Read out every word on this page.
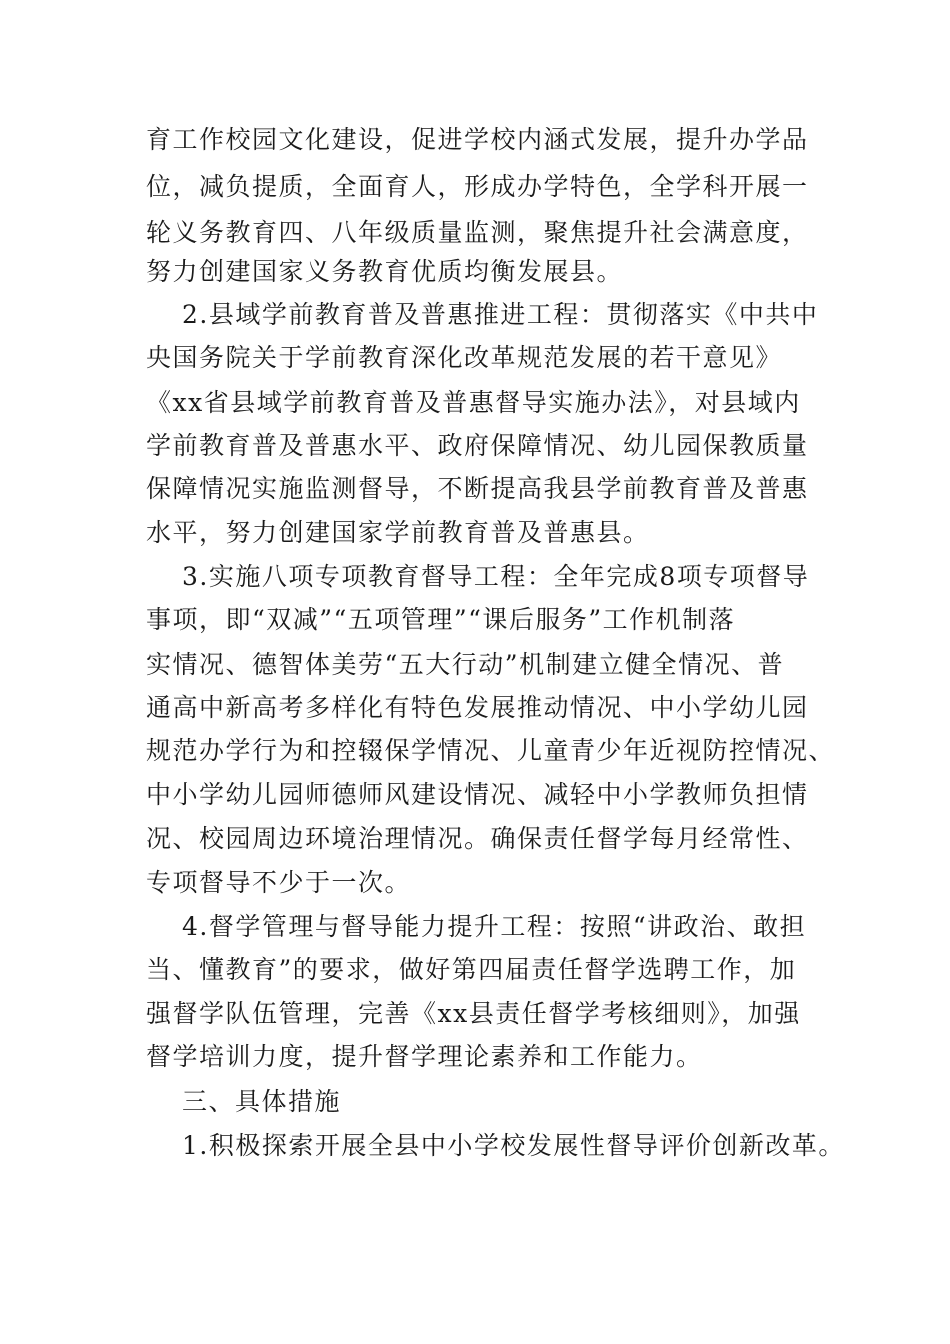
育工作校园文化建设，促进学校内涵式发展，提升办学品
位，减负提质，全面育人，形成办学特色，全学科开展一
轮义务教育四、八年级质量监测，聚焦提升社会满意度，
努力创建国家义务教育优质均衡发展县。
2.县域学前教育普及普惠推进工程：贯彻落实《中共中
央国务院关于学前教育深化改革规范发展的若干意见》
《xx省县域学前教育普及普惠督导实施办法》，对县域内
学前教育普及普惠水平、政府保障情况、幼儿园保教质量
保障情况实施监测督导，不断提高我县学前教育普及普惠
水平，努力创建国家学前教育普及普惠县。
3.实施八项专项教育督导工程：全年完成8项专项督导
事项，即“双减”“五项管理”“课后服务”工作机制落
实情况、德智体美劳“五大行动”机制建立健全情况、普
通高中新高考多样化有特色发展推动情况、中小学幼儿园
规范办学行为和控辍保学情况、儿童青少年近视防控情况、
中小学幼儿园师德师风建设情况、减轻中小学教师负担情
况、校园周边环境治理情况。确保责任督学每月经常性、
专项督导不少于一次。
4.督学管理与督导能力提升工程：按照“讲政治、敢担
当、懂教育”的要求，做好第四届责任督学选聘工作，加
强督学队伍管理，完善《xx县责任督学考核细则》，加强
督学培训力度，提升督学理论素养和工作能力。
三、具体措施
1.积极探索开展全县中小学校发展性督导评价创新改革。
